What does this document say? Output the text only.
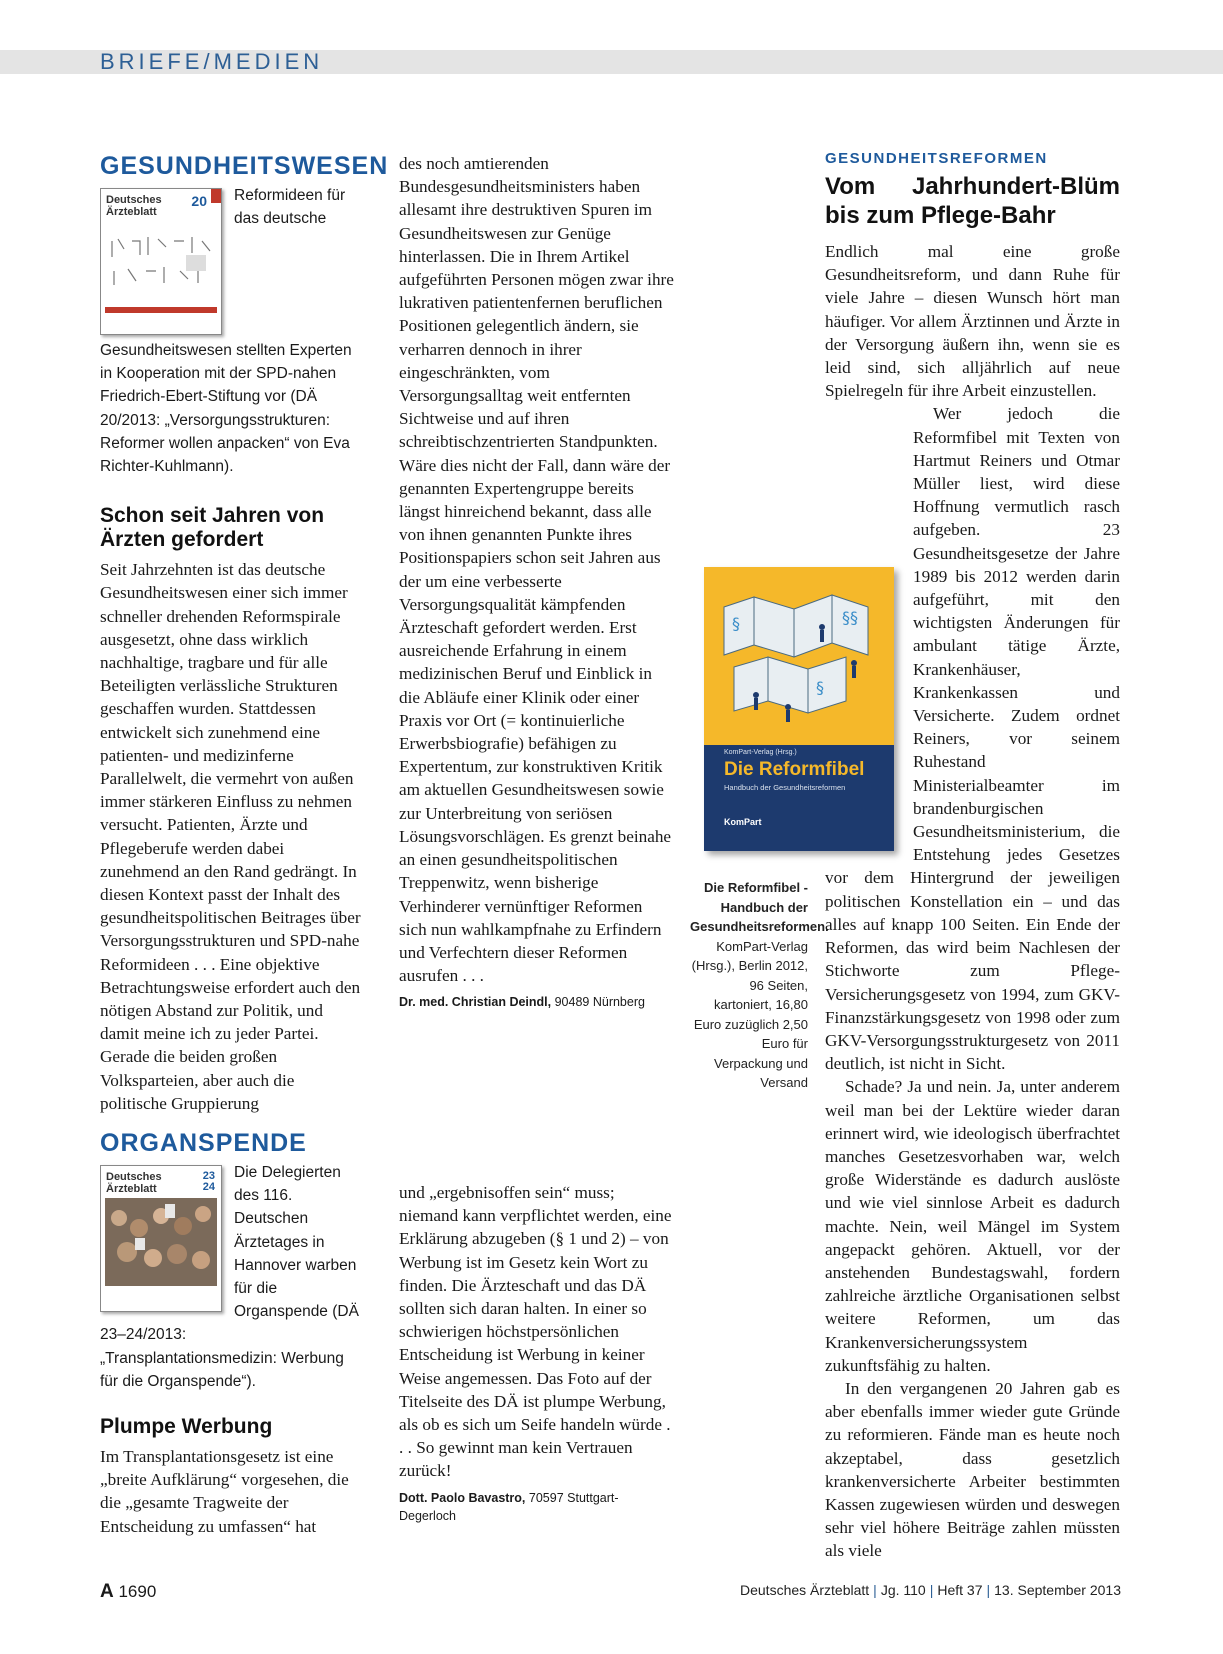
BRIEFE/MEDIEN
GESUNDHEITSWESEN
Deutsches Ärzteblatt
20	Reformideen für das deutsche Gesundheitswesen stellten Experten in Kooperation mit der SPD-nahen Friedrich-Ebert-Stiftung vor (DÄ 20/2013: „Versorgungsstrukturen: Reformer wollen anpacken“ von Eva Richter-Kuhlmann).
Schon seit Jahren von Ärzten gefordert

Seit Jahrzehnten ist das deutsche Gesundheitswesen einer sich immer schneller drehenden Reformspirale ausgesetzt, ohne dass wirklich nachhaltige, tragbare und für alle Beteiligten verlässliche Strukturen geschaffen wurden. Stattdessen entwickelt sich zunehmend eine patienten- und medizinferne Parallelwelt, die vermehrt von außen immer stärkeren Einfluss zu nehmen versucht. Patienten, Ärzte und Pflegeberufe werden dabei zunehmend an den Rand gedrängt. In diesen Kontext passt der Inhalt des gesundheitspolitischen Beitrages über Versorgungsstrukturen und SPD-nahe Reformideen . . . Eine objektive Betrachtungsweise erfordert auch den nötigen Abstand zur Politik, und damit meine ich zu jeder Partei. Gerade die beiden großen Volksparteien, aber auch die politische Gruppierung

ORGANSPENDE
Deutsches Ärzteblatt
23 24
Die Delegierten des 116. Deutschen Ärztetages in Hannover warben für die Organspende (DÄ 23–24/2013: „Transplantationsmedizin: Werbung für die Organspende“).
Plumpe Werbung

Im Transplantationsgesetz ist eine „breite Aufklärung“ vorgesehen, die die „gesamte Tragweite der Entscheidung zu umfassen“ hat

des noch amtierenden Bundesgesundheitsministers haben allesamt ihre destruktiven Spuren im Gesundheitswesen zur Genüge hinterlassen. Die in Ihrem Artikel aufgeführten Personen mögen zwar ihre lukrativen patientenfernen beruflichen Positionen gelegentlich ändern, sie verharren dennoch in ihrer eingeschränkten, vom Versorgungsalltag weit entfernten Sichtweise und auf ihren schreibtischzentrierten Standpunkten. Wäre dies nicht der Fall, dann wäre der genannten Expertengruppe bereits längst hinreichend bekannt, dass alle von ihnen genannten Punkte ihres Positionspapiers schon seit Jahren aus der um eine verbesserte Versorgungsqualität kämpfenden Ärzteschaft gefordert werden. Erst ausreichende Erfahrung in einem medizinischen Beruf und Einblick in die Abläufe einer Klinik oder einer Praxis vor Ort (= kontinuierliche Erwerbsbiografie) befähigen zu Expertentum, zur konstruktiven Kritik am aktuellen Gesundheitswesen sowie zur Unterbreitung von seriösen Lösungsvorschlägen. Es grenzt beinahe an einen gesundheitspolitischen Treppenwitz, wenn bisherige Verhinderer vernünftiger Reformen sich nun wahlkampfnahe zu Erfindern und Verfechtern dieser Reformen ausrufen . . .

Dr. med. Christian Deindl, 90489 Nürnberg

und „ergebnisoffen sein“ muss; niemand kann verpflichtet werden, eine Erklärung abzugeben (§ 1 und 2) – von Werbung ist im Gesetz kein Wort zu finden. Die Ärzteschaft und das DÄ sollten sich daran halten. In einer so schwierigen höchstpersönlichen Entscheidung ist Werbung in keiner Weise angemessen. Das Foto auf der Titelseite des DÄ ist plumpe Werbung, als ob es sich um Seife handeln würde . . . So gewinnt man kein Vertrauen zurück!

Dott. Paolo Bavastro, 70597 Stuttgart-Degerloch
§	§§
§
KomPart-Verlag (Hrsg.)
Die Reformfibel
Handbuch der Gesundheitsreformen
KomPart
Die Reformfibel - Handbuch der Gesundheitsreformen. KomPart-Verlag (Hrsg.), Berlin 2012, 96 Seiten, kartoniert, 16,80 Euro zuzüglich 2,50 Euro für Verpackung und Versand
GESUNDHEITSREFORMEN
Vom Jahrhundert-Blüm bis zum Pflege-Bahr

Endlich mal eine große Gesundheitsreform, und dann Ruhe für viele Jahre – diesen Wunsch hört man häufiger. Vor allem Ärztinnen und Ärzte in der Versorgung äußern ihn, wenn sie es leid sind, sich alljährlich auf neue Spielregeln für ihre Arbeit einzustellen.

Wer jedoch die Reformfibel mit Texten von Hartmut Reiners und Otmar Müller liest, wird diese Hoffnung vermutlich rasch aufgeben. 23 Gesundheitsgesetze der Jahre 1989 bis 2012 werden darin aufgeführt, mit den wichtigsten Änderungen für ambulant tätige Ärzte, Krankenhäuser, Krankenkassen und Versicherte. Zudem ordnet Reiners, vor seinem Ruhestand Ministerialbeamter im brandenburgischen Gesundheitsministerium, die Entstehung jedes Gesetzes vor dem Hintergrund der jeweiligen politischen Konstellation ein – und das alles auf knapp 100 Seiten. Ein Ende der Reformen, das wird beim Nachlesen der Stichworte zum Pflege-Versicherungsgesetz von 1994, zum GKV-Finanzstärkungsgesetz von 1998 oder zum GKV-Versorgungsstrukturgesetz von 2011 deutlich, ist nicht in Sicht.

Schade? Ja und nein. Ja, unter anderem weil man bei der Lektüre wieder daran erinnert wird, wie ideologisch überfrachtet manches Gesetzesvorhaben war, welch große Widerstände es dadurch auslöste und wie viel sinnlose Arbeit es dadurch machte. Nein, weil Mängel im System angepackt gehören. Aktuell, vor der anstehenden Bundestagswahl, fordern zahlreiche ärztliche Organisationen selbst weitere Reformen, um das Krankenversicherungssystem zukunftsfähig zu halten.

In den vergangenen 20 Jahren gab es aber ebenfalls immer wieder gute Gründe zu reformieren. Fände man es heute noch akzeptabel, dass gesetzlich krankenversicherte Arbeiter bestimmten Kassen zugewiesen würden und deswegen sehr viel höhere Beiträge zahlen müssten als viele

A 1690	Deutsches Ärzteblatt | Jg. 110 | Heft 37 | 13. September 2013
